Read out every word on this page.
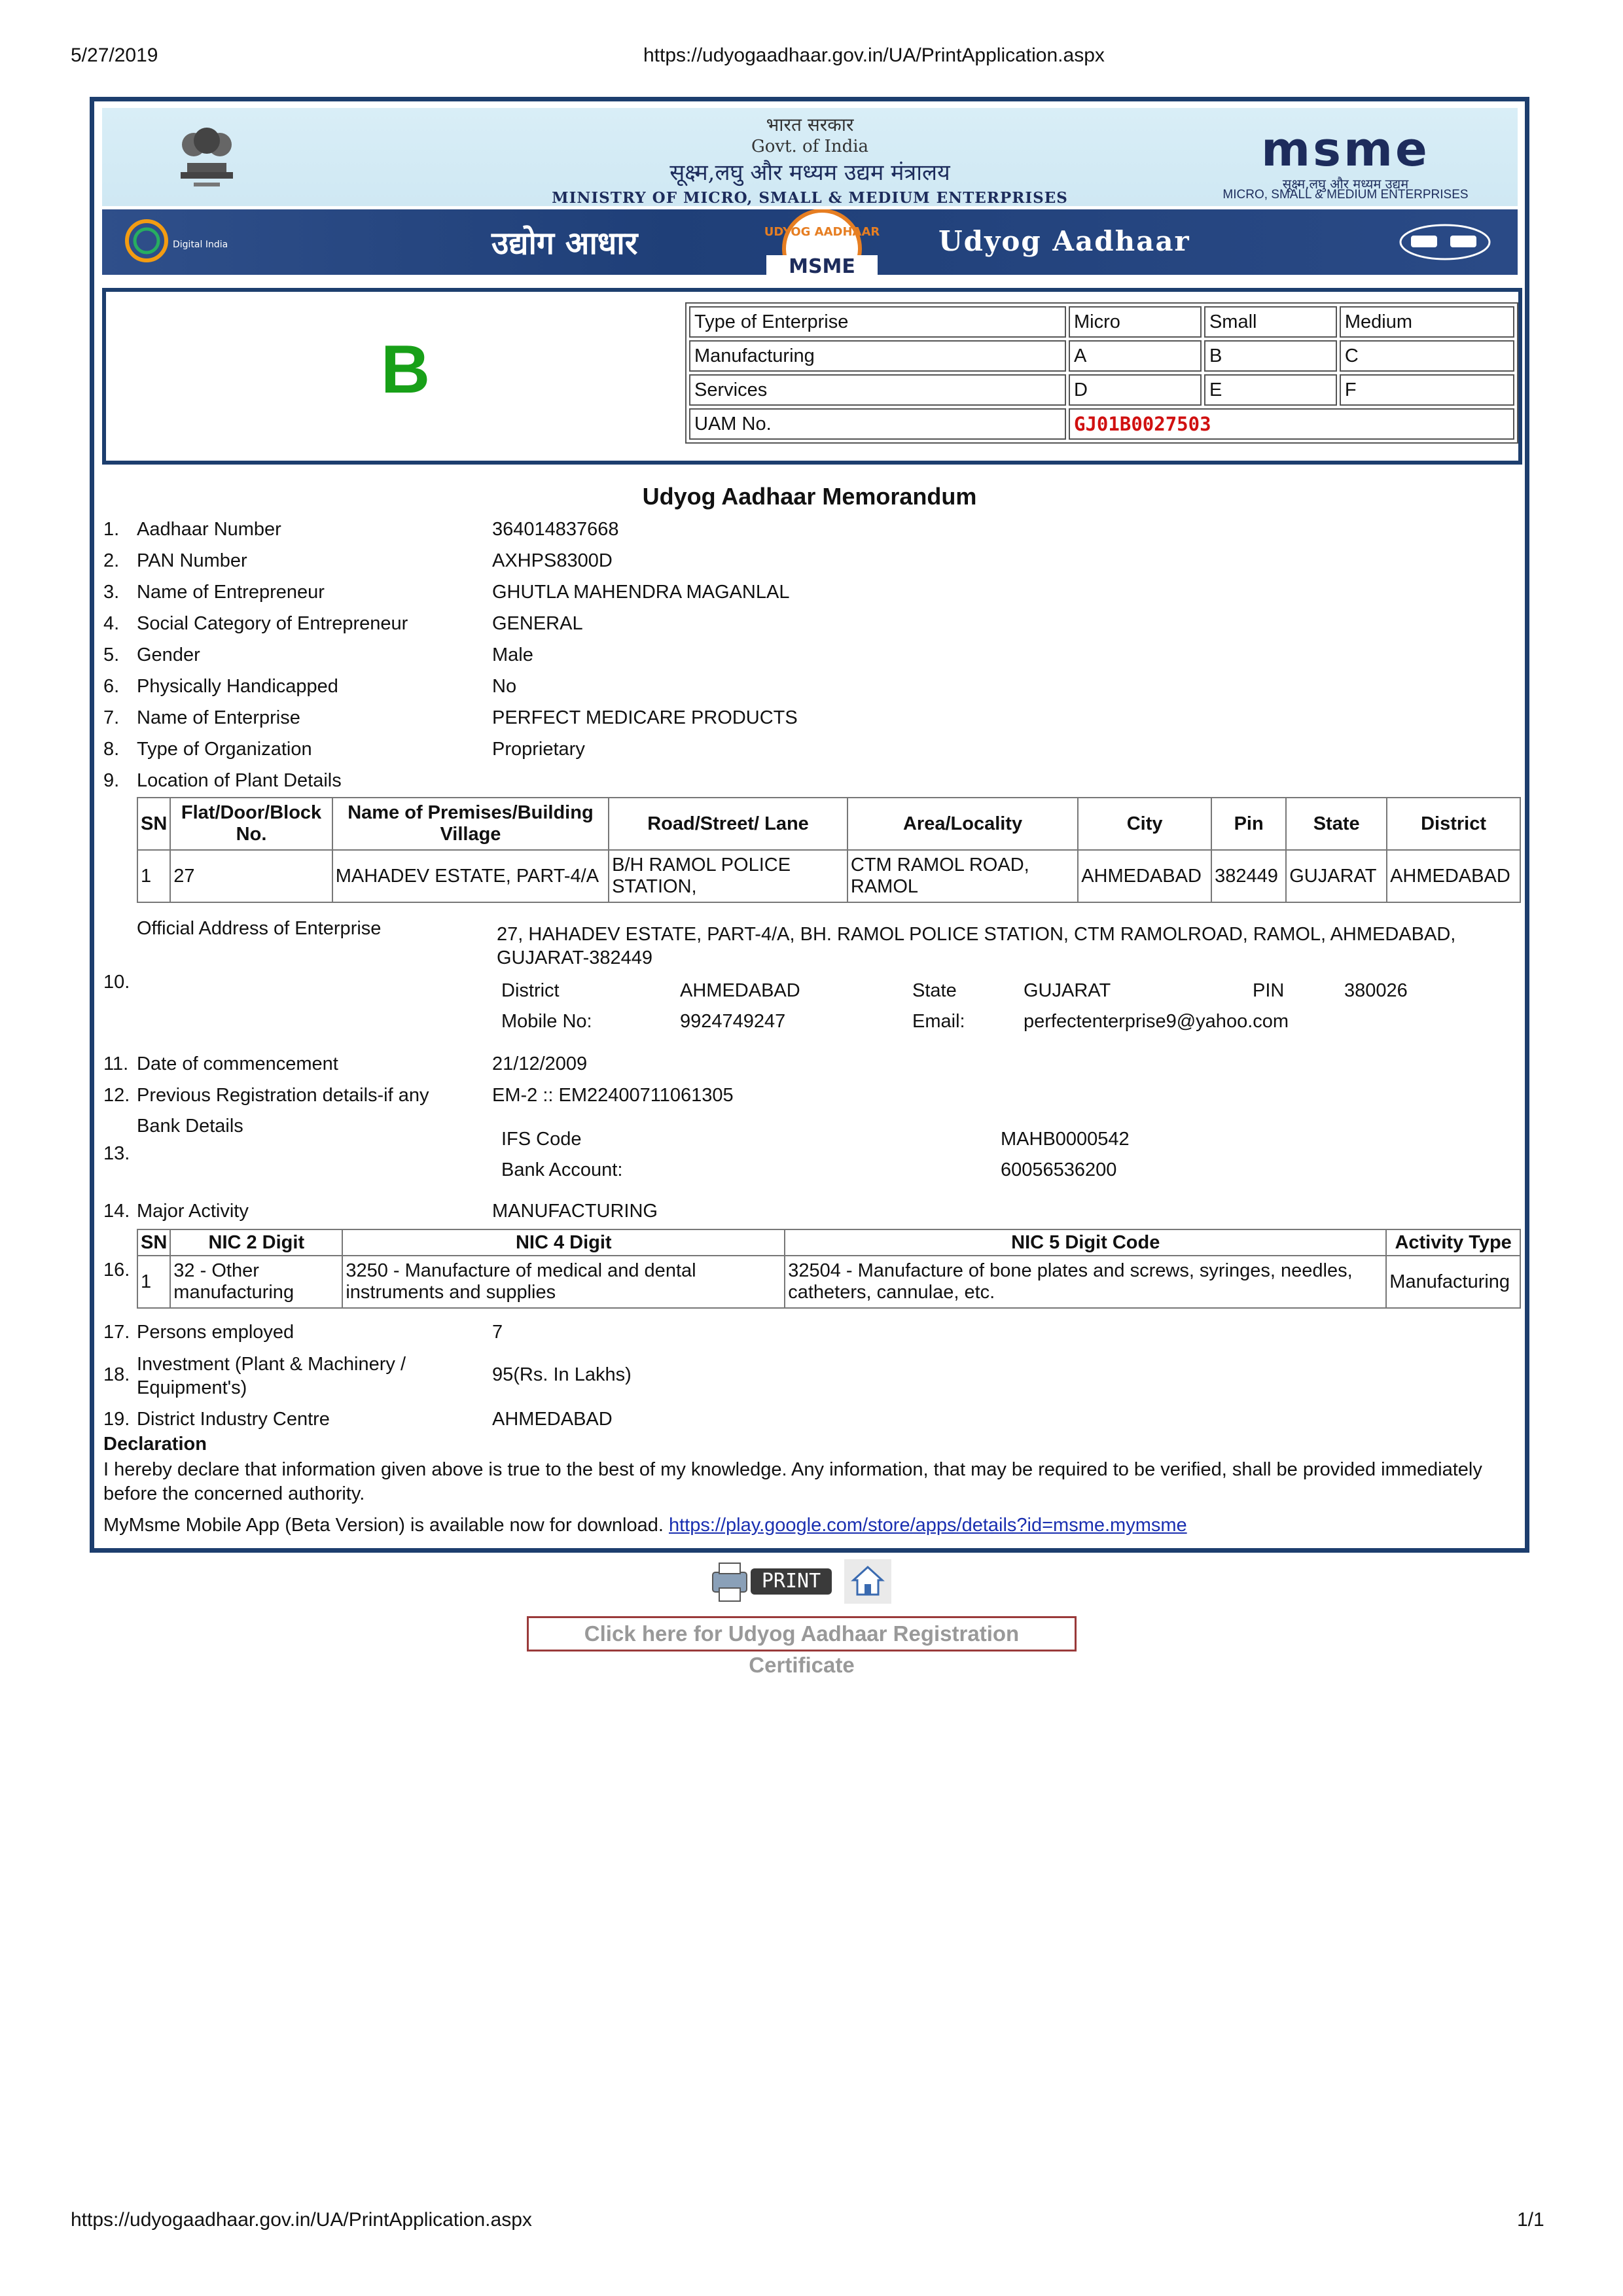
5/27/2019	https://udyogaadhaar.gov.in/UA/PrintApplication.aspx
भारत सरकार
Govt. of India
सूक्ष्म,लघु और मध्यम उद्यम मंत्रालय
MINISTRY OF MICRO, SMALL & MEDIUM ENTERPRISES
msme
सूक्ष्म,लघु और मध्यम उद्यम
MICRO, SMALL & MEDIUM ENTERPRISES
Digital India	उद्योग आधार	UDYOG AADHAAR
MSME
Udyog Aadhaar
B
Type of Enterprise	Micro	Small	Medium
Manufacturing	A	B	C
Services	D	E	F
UAM No.	GJ01B0027503		
Udyog Aadhaar Memorandum
1. Aadhaar Number	364014837668
2. PAN Number	AXHPS8300D
3. Name of Entrepreneur	GHUTLA MAHENDRA MAGANLAL
4. Social Category of Entrepreneur	GENERAL
5. Gender	Male
6. Physically Handicapped	No
7. Name of Enterprise	PERFECT MEDICARE PRODUCTS
8. Type of Organization	Proprietary
9. Location of Plant Details
SN	Flat/Door/Block No.	Name of Premises/Building Village	Road/Street/ Lane	Area/Locality	City	Pin	State	District
1	27	MAHADEV ESTATE, PART-4/A	B/H RAMOL POLICE STATION,	CTM RAMOL ROAD, RAMOL	AHMEDABAD	382449	GUJARAT	AHMEDABAD
10.
Official Address of Enterprise	27, HAHADEV ESTATE, PART-4/A, BH. RAMOL POLICE STATION, CTM RAMOLROAD, RAMOL, AHMEDABAD, GUJARAT-382449
District	AHMEDABAD	State	GUJARAT	PIN	380026
Mobile No:	9924749247	Email:	perfectenterprise9@yahoo.com
11. Date of commencement	21/12/2009
12. Previous Registration details-if any	EM-2 :: EM22400711061305
13.
Bank Details
IFS Code	MAHB0000542
Bank Account:	60056536200
14. Major Activity	MANUFACTURING
16.
SN	NIC 2 Digit	NIC 4 Digit	NIC 5 Digit Code	Activity Type
1	32 - Other manufacturing	3250 - Manufacture of medical and dental instruments and supplies	32504 - Manufacture of bone plates and screws, syringes, needles, catheters, cannulae, etc.	Manufacturing
17. Persons employed	7
18.	95(Rs. In Lakhs)
Investment (Plant & Machinery / Equipment's)
19. District Industry Centre	AHMEDABAD
Declaration
I hereby declare that information given above is true to the best of my knowledge. Any information, that may be required to be verified, shall be provided immediately before the concerned authority.
MyMsme Mobile App (Beta Version) is available now for download. https://play.google.com/store/apps/details?id=msme.mymsme
PRINT
Click here for Udyog Aadhaar Registration Certificate
https://udyogaadhaar.gov.in/UA/PrintApplication.aspx	1/1
